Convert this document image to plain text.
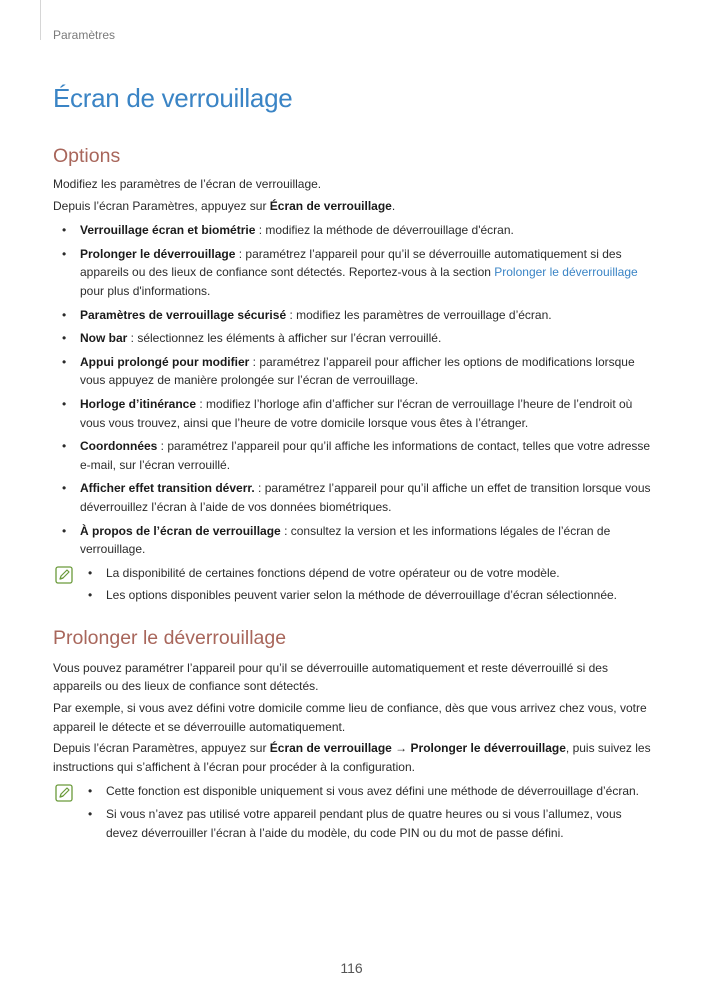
Paramètres
Écran de verrouillage
Options

Modifiez les paramètres de l’écran de verrouillage.

Depuis l’écran Paramètres, appuyez sur Écran de verrouillage.

• Verrouillage écran et biométrie : modifiez la méthode de déverrouillage d'écran.
• Prolonger le déverrouillage : paramétrez l’appareil pour qu’il se déverrouille automatiquement si des appareils ou des lieux de confiance sont détectés. Reportez-vous à la section Prolonger le déverrouillage pour plus d'informations.
• Paramètres de verrouillage sécurisé : modifiez les paramètres de verrouillage d’écran.
• Now bar : sélectionnez les éléments à afficher sur l’écran verrouillé.
• Appui prolongé pour modifier : paramétrez l’appareil pour afficher les options de modifications lorsque vous appuyez de manière prolongée sur l’écran de verrouillage.
• Horloge d’itinérance : modifiez l’horloge afin d’afficher sur l'écran de verrouillage l’heure de l’endroit où vous vous trouvez, ainsi que l’heure de votre domicile lorsque vous êtes à l’étranger.
• Coordonnées : paramétrez l’appareil pour qu’il affiche les informations de contact, telles que votre adresse e-mail, sur l’écran verrouillé.
• Afficher effet transition déverr. : paramétrez l’appareil pour qu’il affiche un effet de transition lorsque vous déverrouillez l’écran à l’aide de vos données biométriques.
• À propos de l’écran de verrouillage : consultez la version et les informations légales de l’écran de verrouillage.
• La disponibilité de certaines fonctions dépend de votre opérateur ou de votre modèle.
• Les options disponibles peuvent varier selon la méthode de déverrouillage d’écran sélectionnée.
Prolonger le déverrouillage

Vous pouvez paramétrer l’appareil pour qu’il se déverrouille automatiquement et reste déverrouillé si des appareils ou des lieux de confiance sont détectés.

Par exemple, si vous avez défini votre domicile comme lieu de confiance, dès que vous arrivez chez vous, votre appareil le détecte et se déverrouille automatiquement.

Depuis l’écran Paramètres, appuyez sur Écran de verrouillage → Prolonger le déverrouillage, puis suivez les instructions qui s’affichent à l’écran pour procéder à la configuration.

• Cette fonction est disponible uniquement si vous avez défini une méthode de déverrouillage d’écran.
• Si vous n’avez pas utilisé votre appareil pendant plus de quatre heures ou si vous l’allumez, vous devez déverrouiller l’écran à l’aide du modèle, du code PIN ou du mot de passe défini.
116
